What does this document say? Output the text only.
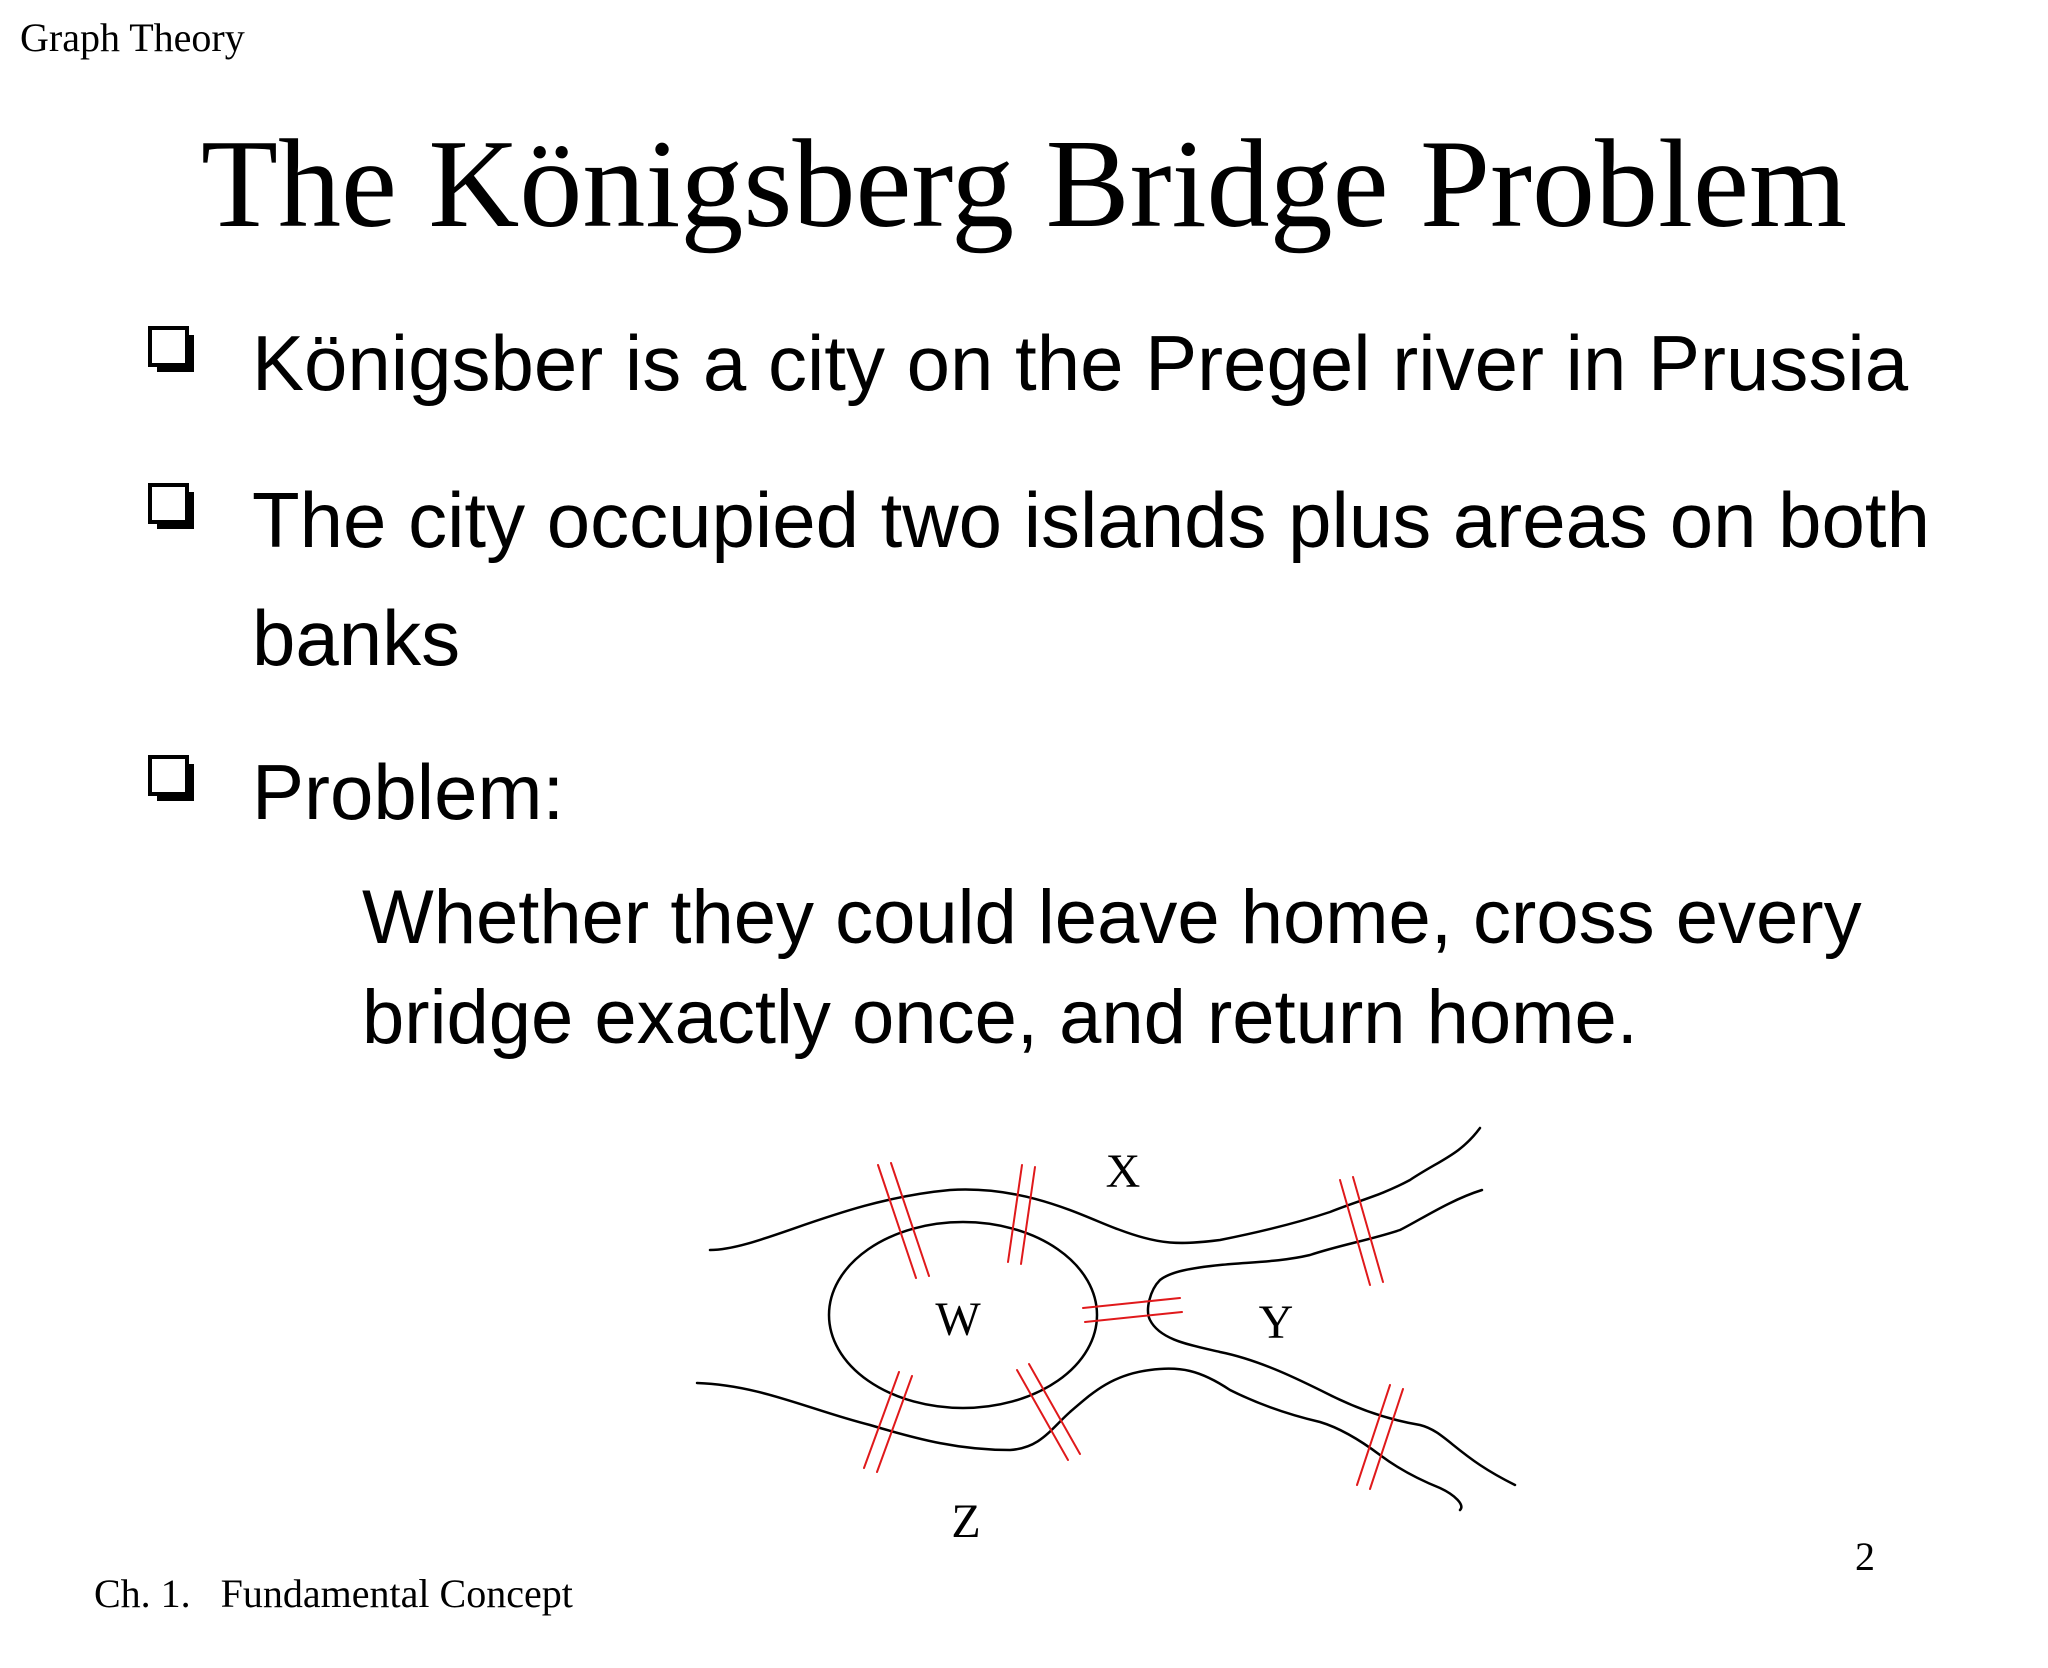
Graph Theory
The Königsberg Bridge Problem
Königsber is a city on the Pregel river in Prussia
The city occupied two islands plus areas on both banks
Problem:
Whether they could leave home, cross every bridge exactly once, and return home.
X
W	Y
Z
Ch. 1.   Fundamental Concept
2
